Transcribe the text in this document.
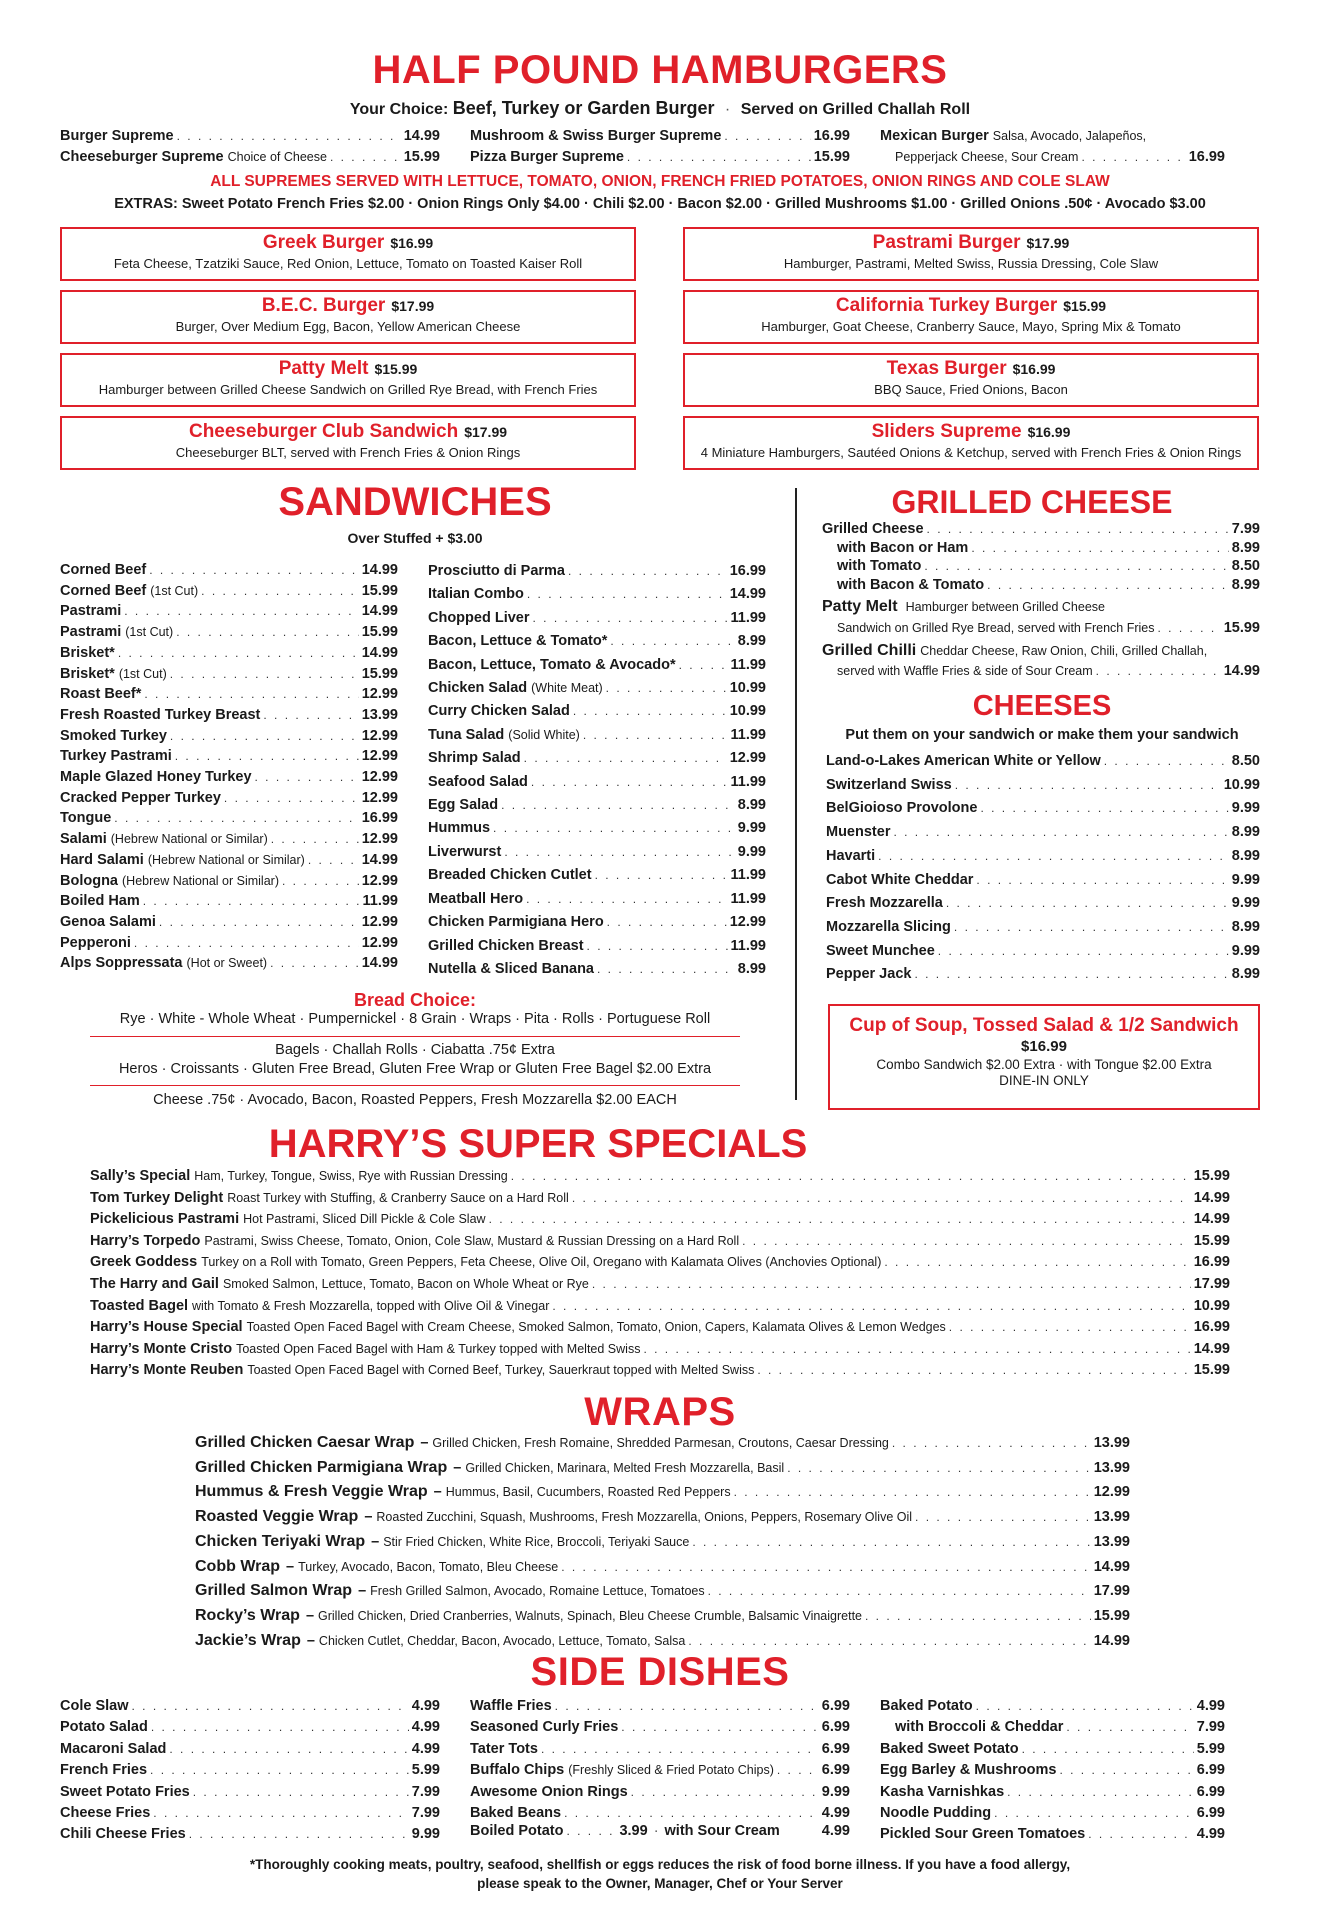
HALF POUND HAMBURGERS
Your Choice: Beef, Turkey or Garden Burger · Served on Grilled Challah Roll
Burger Supreme . . .	14.99
Cheeseburger Supreme Choice of Cheese . . .	15.99
Mushroom & Swiss Burger Supreme . . .	16.99
Pizza Burger Supreme . . .	15.99
Mexican Burger Salsa, Avocado, Jalapeños,
Pepperjack Cheese, Sour Cream . . .	16.99
ALL SUPREMES SERVED WITH LETTUCE, TOMATO, ONION, FRENCH FRIED POTATOES, ONION RINGS AND COLE SLAW
EXTRAS: Sweet Potato French Fries $2.00 · Onion Rings Only $4.00 · Chili $2.00 · Bacon $2.00 · Grilled Mushrooms $1.00 · Grilled Onions .50¢ · Avocado $3.00
Greek Burger $16.99
Feta Cheese, Tzatziki Sauce, Red Onion, Lettuce, Tomato on Toasted Kaiser Roll
Pastrami Burger $17.99
Hamburger, Pastrami, Melted Swiss, Russia Dressing, Cole Slaw
B.E.C. Burger $17.99
Burger, Over Medium Egg, Bacon, Yellow American Cheese
California Turkey Burger $15.99
Hamburger, Goat Cheese, Cranberry Sauce, Mayo, Spring Mix & Tomato
Patty Melt $15.99
Hamburger between Grilled Cheese Sandwich on Grilled Rye Bread, with French Fries
Texas Burger $16.99
BBQ Sauce, Fried Onions, Bacon
Cheeseburger Club Sandwich $17.99
Cheeseburger BLT, served with French Fries & Onion Rings
Sliders Supreme $16.99
4 Miniature Hamburgers, Sautéed Onions & Ketchup, served with French Fries & Onion Rings
SANDWICHES
Over Stuffed + $3.00
Corned Beef . . .	14.99
Corned Beef (1st Cut) . . .	15.99
Pastrami . . .	14.99
Pastrami (1st Cut) . . .	15.99
Brisket* . . .	14.99
Brisket* (1st Cut) . . .	15.99
Roast Beef* . . .	12.99
Fresh Roasted Turkey Breast . . .	13.99
Smoked Turkey . . .	12.99
Turkey Pastrami . . .	12.99
Maple Glazed Honey Turkey . . .	12.99
Cracked Pepper Turkey . . .	12.99
Tongue . . .	16.99
Salami (Hebrew National or Similar) . . .	12.99
Hard Salami (Hebrew National or Similar) . . .	14.99
Bologna (Hebrew National or Similar) . . .	12.99
Boiled Ham . . .	11.99
Genoa Salami . . .	12.99
Pepperoni . . .	12.99
Alps Soppressata (Hot or Sweet) . . .	14.99
Prosciutto di Parma . . .	16.99
Italian Combo . . .	14.99
Chopped Liver . . .	11.99
Bacon, Lettuce & Tomato* . . .	8.99
Bacon, Lettuce, Tomato & Avocado* . . .	11.99
Chicken Salad (White Meat) . . .	10.99
Curry Chicken Salad . . .	10.99
Tuna Salad (Solid White) . . .	11.99
Shrimp Salad . . .	12.99
Seafood Salad . . .	11.99
Egg Salad . . .	8.99
Hummus . . .	9.99
Liverwurst . . .	9.99
Breaded Chicken Cutlet . . .	11.99
Meatball Hero . . .	11.99
Chicken Parmigiana Hero . . .	12.99
Grilled Chicken Breast . . .	11.99
Nutella & Sliced Banana . . .	8.99
Bread Choice:
Rye · White - Whole Wheat · Pumpernickel · 8 Grain · Wraps · Pita · Rolls · Portuguese Roll
Bagels · Challah Rolls · Ciabatta .75¢ Extra
Heros · Croissants · Gluten Free Bread, Gluten Free Wrap or Gluten Free Bagel $2.00 Extra
Cheese .75¢ · Avocado, Bacon, Roasted Peppers, Fresh Mozzarella $2.00 EACH
GRILLED CHEESE
Grilled Cheese . . .	7.99
with Bacon or Ham . . .	8.99
with Tomato . . .	8.50
with Bacon & Tomato . . .	8.99
Patty Melt Hamburger between Grilled Cheese
Sandwich on Grilled Rye Bread, served with French Fries . . .	15.99
Grilled Chilli Cheddar Cheese, Raw Onion, Chili, Grilled Challah,
served with Waffle Fries & side of Sour Cream . . .	14.99
CHEESES
Put them on your sandwich or make them your sandwich
Land-o-Lakes American White or Yellow . . .	8.50
Switzerland Swiss . . .	10.99
BelGioioso Provolone . . .	9.99
Muenster . . .	8.99
Havarti . . .	8.99
Cabot White Cheddar . . .	9.99
Fresh Mozzarella . . .	9.99
Mozzarella Slicing . . .	8.99
Sweet Munchee . . .	9.99
Pepper Jack . . .	8.99
Cup of Soup, Tossed Salad & 1/2 Sandwich
$16.99
Combo Sandwich $2.00 Extra · with Tongue $2.00 Extra
DINE-IN ONLY
HARRY’S SUPER SPECIALS
Sally’s Special Ham, Turkey, Tongue, Swiss, Rye with Russian Dressing . . .	15.99
Tom Turkey Delight Roast Turkey with Stuffing, & Cranberry Sauce on a Hard Roll . . .	14.99
Pickelicious Pastrami Hot Pastrami, Sliced Dill Pickle & Cole Slaw . . .	14.99
Harry’s Torpedo Pastrami, Swiss Cheese, Tomato, Onion, Cole Slaw, Mustard & Russian Dressing on a Hard Roll . . .	15.99
Greek Goddess Turkey on a Roll with Tomato, Green Peppers, Feta Cheese, Olive Oil, Oregano with Kalamata Olives (Anchovies Optional) . . .	16.99
The Harry and Gail Smoked Salmon, Lettuce, Tomato, Bacon on Whole Wheat or Rye . . .	17.99
Toasted Bagel with Tomato & Fresh Mozzarella, topped with Olive Oil & Vinegar . . .	10.99
Harry’s House Special Toasted Open Faced Bagel with Cream Cheese, Smoked Salmon, Tomato, Onion, Capers, Kalamata Olives & Lemon Wedges . . .	16.99
Harry’s Monte Cristo Toasted Open Faced Bagel with Ham & Turkey topped with Melted Swiss . . .	14.99
Harry’s Monte Reuben Toasted Open Faced Bagel with Corned Beef, Turkey, Sauerkraut topped with Melted Swiss . . .	15.99
WRAPS
Grilled Chicken Caesar Wrap – Grilled Chicken, Fresh Romaine, Shredded Parmesan, Croutons, Caesar Dressing . . .	13.99
Grilled Chicken Parmigiana Wrap – Grilled Chicken, Marinara, Melted Fresh Mozzarella, Basil . . .	13.99
Hummus & Fresh Veggie Wrap – Hummus, Basil, Cucumbers, Roasted Red Peppers . . .	12.99
Roasted Veggie Wrap – Roasted Zucchini, Squash, Mushrooms, Fresh Mozzarella, Onions, Peppers, Rosemary Olive Oil . . .	13.99
Chicken Teriyaki Wrap – Stir Fried Chicken, White Rice, Broccoli, Teriyaki Sauce . . .	13.99
Cobb Wrap – Turkey, Avocado, Bacon, Tomato, Bleu Cheese . . .	14.99
Grilled Salmon Wrap – Fresh Grilled Salmon, Avocado, Romaine Lettuce, Tomatoes . . .	17.99
Rocky’s Wrap – Grilled Chicken, Dried Cranberries, Walnuts, Spinach, Bleu Cheese Crumble, Balsamic Vinaigrette . . .	15.99
Jackie’s Wrap – Chicken Cutlet, Cheddar, Bacon, Avocado, Lettuce, Tomato, Salsa . . .	14.99
SIDE DISHES
Cole Slaw . . .	4.99
Potato Salad . . .	4.99
Macaroni Salad . . .	4.99
French Fries . . .	5.99
Sweet Potato Fries . . .	7.99
Cheese Fries . . .	7.99
Chili Cheese Fries . . .	9.99
Waffle Fries . . .	6.99
Seasoned Curly Fries . . .	6.99
Tater Tots . . .	6.99
Buffalo Chips (Freshly Sliced & Fried Potato Chips) . . .	6.99
Awesome Onion Rings . . .	9.99
Baked Beans . . .	4.99
Boiled Potato . . .	3.99 · with Sour Cream	4.99
Baked Potato . . .	4.99
with Broccoli & Cheddar . . .	7.99
Baked Sweet Potato . . .	5.99
Egg Barley & Mushrooms . . .	6.99
Kasha Varnishkas . . .	6.99
Noodle Pudding . . .	6.99
Pickled Sour Green Tomatoes . . .	4.99
*Thoroughly cooking meats, poultry, seafood, shellfish or eggs reduces the risk of food borne illness. If you have a food allergy,
please speak to the Owner, Manager, Chef or Your Server
